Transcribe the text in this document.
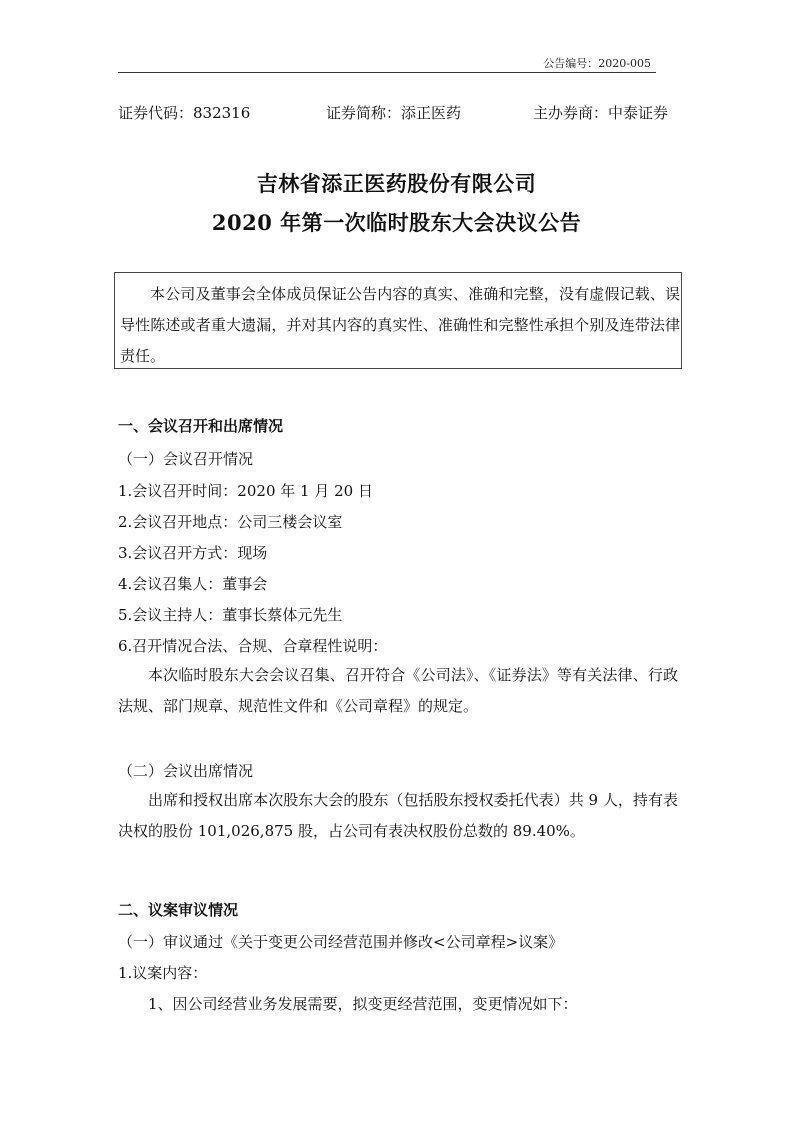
公告编号：2020-005
证券代码：832316	证券简称：添正医药	主办券商：中泰证券
吉林省添正医药股份有限公司
2020 年第一次临时股东大会决议公告
本公司及董事会全体成员保证公告内容的真实、准确和完整，没有虚假记载、误导性陈述或者重大遗漏，并对其内容的真实性、准确性和完整性承担个别及连带法律责任。
一、会议召开和出席情况
（一）会议召开情况
1.会议召开时间：2020 年 1 月 20 日
2.会议召开地点：公司三楼会议室
3.会议召开方式：现场
4.会议召集人：董事会
5.会议主持人：董事长蔡体元先生
6.召开情况合法、合规、合章程性说明：
本次临时股东大会会议召集、召开符合《公司法》、《证券法》等有关法律、行政法规、部门规章、规范性文件和《公司章程》的规定。
（二）会议出席情况
出席和授权出席本次股东大会的股东（包括股东授权委托代表）共 9 人，持有表决权的股份 101,026,875 股，占公司有表决权股份总数的 89.40%。
二、议案审议情况
（一）审议通过《关于变更公司经营范围并修改<公司章程>议案》
1.议案内容：
1、因公司经营业务发展需要，拟变更经营范围，变更情况如下：
